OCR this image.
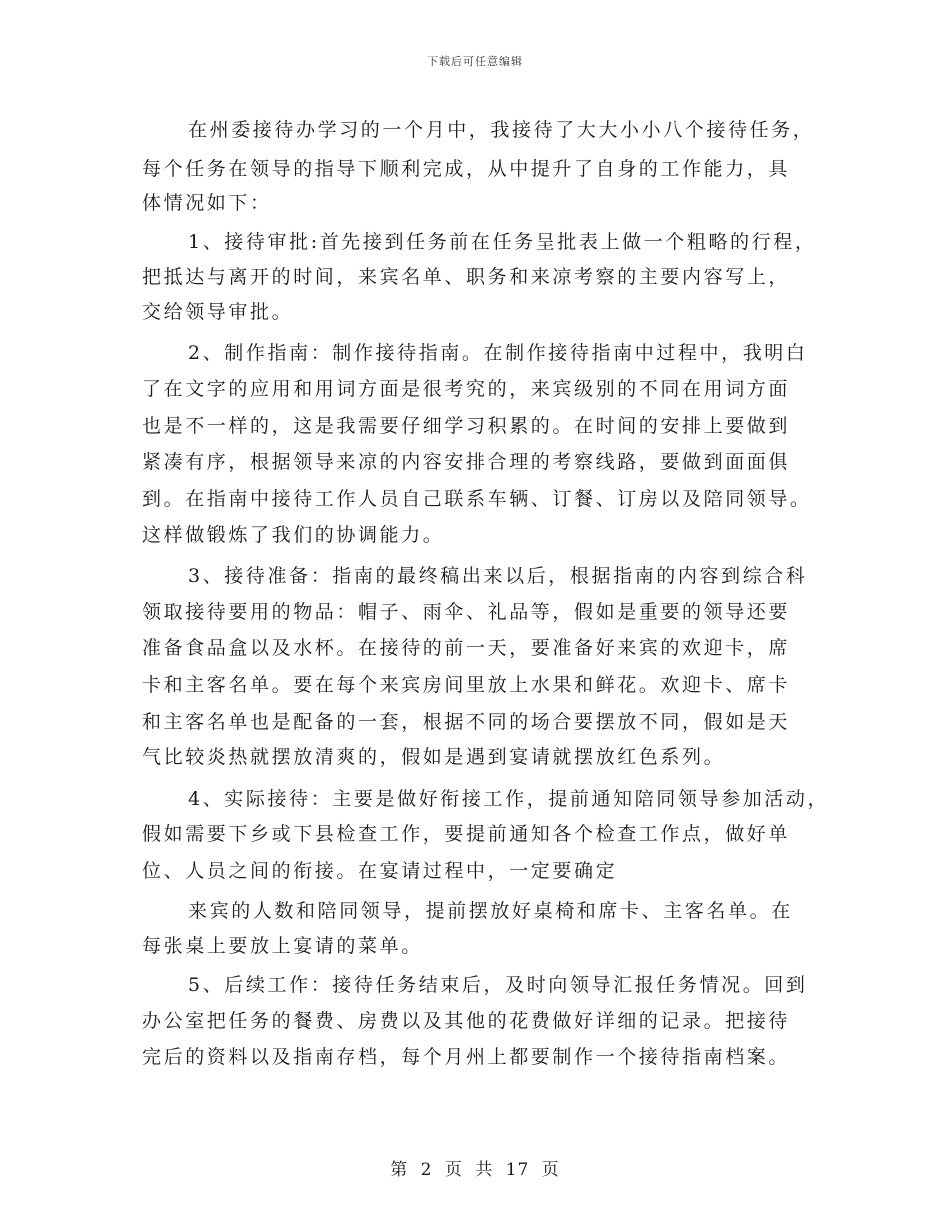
下载后可任意编辑
在州委接待办学习的一个月中，我接待了大大小小八个接待任务，
每个任务在领导的指导下顺利完成，从中提升了自身的工作能力，具
体情况如下：
1、接待审批:首先接到任务前在任务呈批表上做一个粗略的行程，
把抵达与离开的时间，来宾名单、职务和来凉考察的主要内容写上，
交给领导审批。
2、制作指南：制作接待指南。在制作接待指南中过程中，我明白
了在文字的应用和用词方面是很考究的，来宾级别的不同在用词方面
也是不一样的，这是我需要仔细学习积累的。在时间的安排上要做到
紧凑有序，根据领导来凉的内容安排合理的考察线路，要做到面面俱
到。在指南中接待工作人员自己联系车辆、订餐、订房以及陪同领导。
这样做锻炼了我们的协调能力。
3、接待准备：指南的最终稿出来以后，根据指南的内容到综合科
领取接待要用的物品：帽子、雨伞、礼品等，假如是重要的领导还要
准备食品盒以及水杯。在接待的前一天，要准备好来宾的欢迎卡，席
卡和主客名单。要在每个来宾房间里放上水果和鲜花。欢迎卡、席卡
和主客名单也是配备的一套，根据不同的场合要摆放不同，假如是天
气比较炎热就摆放清爽的，假如是遇到宴请就摆放红色系列。
4、实际接待：主要是做好衔接工作，提前通知陪同领导参加活动，
假如需要下乡或下县检查工作，要提前通知各个检查工作点，做好单
位、人员之间的衔接。在宴请过程中，一定要确定
来宾的人数和陪同领导，提前摆放好桌椅和席卡、主客名单。在
每张桌上要放上宴请的菜单。
5、后续工作：接待任务结束后，及时向领导汇报任务情况。回到
办公室把任务的餐费、房费以及其他的花费做好详细的记录。把接待
完后的资料以及指南存档，每个月州上都要制作一个接待指南档案。
第 2 页 共 17 页
